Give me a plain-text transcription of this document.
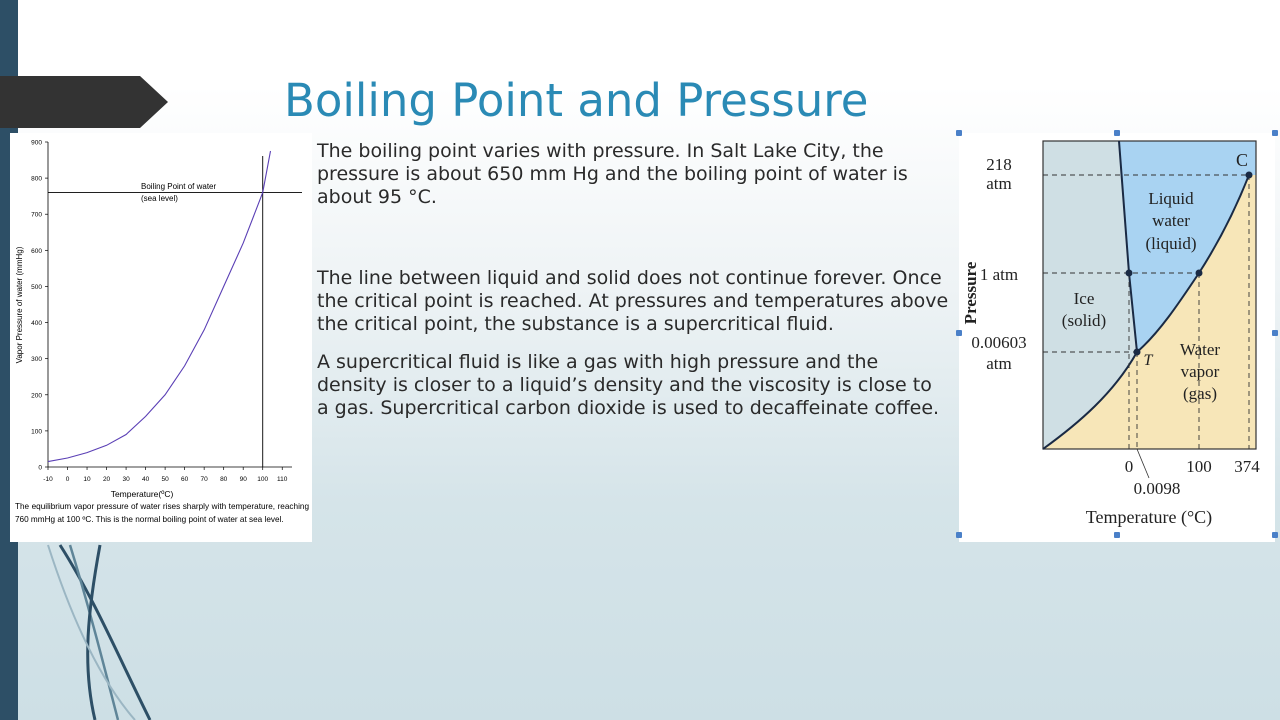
Boiling Point and Pressure
0
100
200
300
400
500
600
700
800
900
-10 0 10 20 30 40 50 60 70 80 90 100 110
Boiling Point of water
(sea level)
Temperature(ºC)
Vapor Pressure of water (mmHg)
The equilibrium vapor pressure of water rises sharply with temperature, reaching 760 mmHg at 100 ºC. This is the normal boiling point of water at sea level.

The boiling point varies with pressure. In Salt Lake City, the pressure is about 650 mm Hg and the boiling point of water is about 95 °C.

The line between liquid and solid does not continue forever. Once the critical point is reached. At pressures and temperatures above the critical point, the substance is a supercritical fluid.

A supercritical fluid is like a gas with high pressure and the density is closer to a liquid’s density and the viscosity is close to a gas. Supercritical carbon dioxide is used to decaffeinate coffee.

218
atm
1 atm
0.00603
atm
Pressure
0	100 374
0.0098
Temperature (°C)
Ice
(solid)
Liquid
water
(liquid)
Water
vapor
(gas)
C
T
